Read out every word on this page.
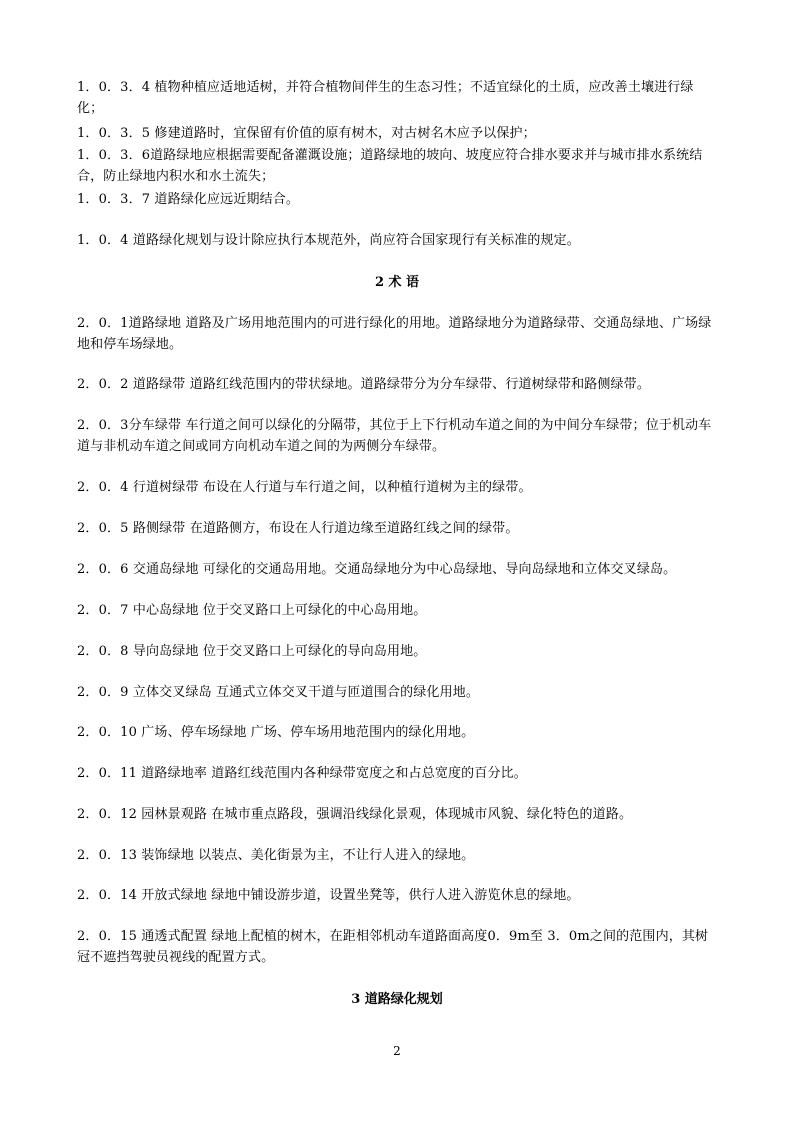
1．0．3．4 植物种植应适地适树，并符合植物间伴生的生态习性；不适宜绿化的土质，应改善土壤进行绿化；
1．0．3．5 修建道路时，宜保留有价值的原有树木，对古树名木应予以保护；
1．0．3．6道路绿地应根据需要配备灌溉设施；道路绿地的坡向、坡度应符合排水要求并与城市排水系统结合，防止绿地内积水和水土流失；
1．0．3．7 道路绿化应远近期结合。
1．0．4 道路绿化规划与设计除应执行本规范外，尚应符合国家现行有关标准的规定。
2 术 语
2．0．1道路绿地 道路及广场用地范围内的可进行绿化的用地。道路绿地分为道路绿带、交通岛绿地、广场绿地和停车场绿地。
2．0．2 道路绿带 道路红线范围内的带状绿地。道路绿带分为分车绿带、行道树绿带和路侧绿带。
2．0．3分车绿带 车行道之间可以绿化的分隔带，其位于上下行机动车道之间的为中间分车绿带；位于机动车道与非机动车道之间或同方向机动车道之间的为两侧分车绿带。
2．0．4 行道树绿带 布设在人行道与车行道之间，以种植行道树为主的绿带。
2．0．5 路侧绿带 在道路侧方，布设在人行道边缘至道路红线之间的绿带。
2．0．6 交通岛绿地 可绿化的交通岛用地。交通岛绿地分为中心岛绿地、导向岛绿地和立体交叉绿岛。
2．0．7 中心岛绿地 位于交叉路口上可绿化的中心岛用地。
2．0．8 导向岛绿地 位于交叉路口上可绿化的导向岛用地。
2．0．9 立体交叉绿岛 互通式立体交叉干道与匝道围合的绿化用地。
2．0．10 广场、停车场绿地 广场、停车场用地范围内的绿化用地。
2．0．11 道路绿地率 道路红线范围内各种绿带宽度之和占总宽度的百分比。
2．0．12 园林景观路 在城市重点路段，强调沿线绿化景观，体现城市风貌、绿化特色的道路。
2．0．13 装饰绿地 以装点、美化街景为主，不让行人进入的绿地。
2．0．14 开放式绿地 绿地中铺设游步道，设置坐凳等，供行人进入游览休息的绿地。
2．0．15 通透式配置 绿地上配植的树木，在距相邻机动车道路面高度0．9m至 3．0m之间的范围内，其树冠不遮挡驾驶员视线的配置方式。
3 道路绿化规划
2
